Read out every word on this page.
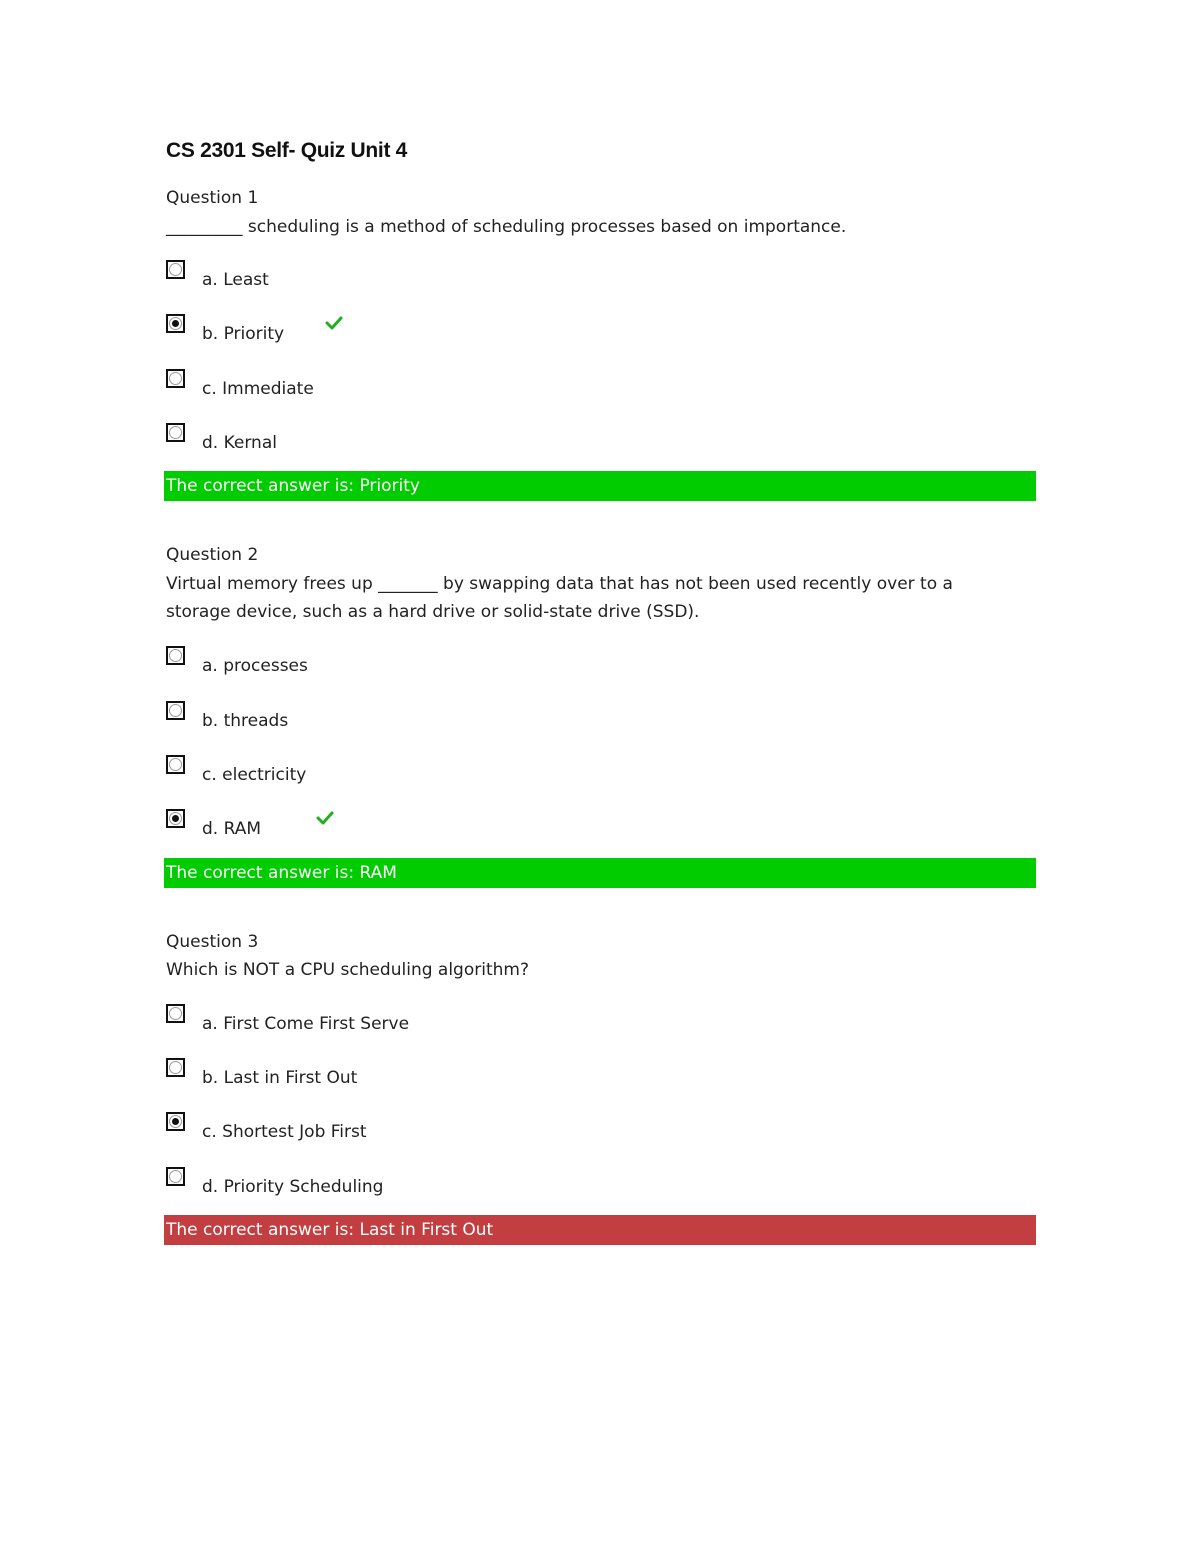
CS 2301 Self- Quiz Unit 4
Question 1
_________ scheduling is a method of scheduling processes based on importance.
a. Least
b. Priority
c. Immediate
d. Kernal
The correct answer is: Priority
Question 2
Virtual memory frees up _______ by swapping data that has not been used recently over to a storage device, such as a hard drive or solid-state drive (SSD).
a. processes
b. threads
c. electricity
d. RAM
The correct answer is: RAM
Question 3
Which is NOT a CPU scheduling algorithm?
a. First Come First Serve
b. Last in First Out
c. Shortest Job First
d. Priority Scheduling
The correct answer is: Last in First Out
